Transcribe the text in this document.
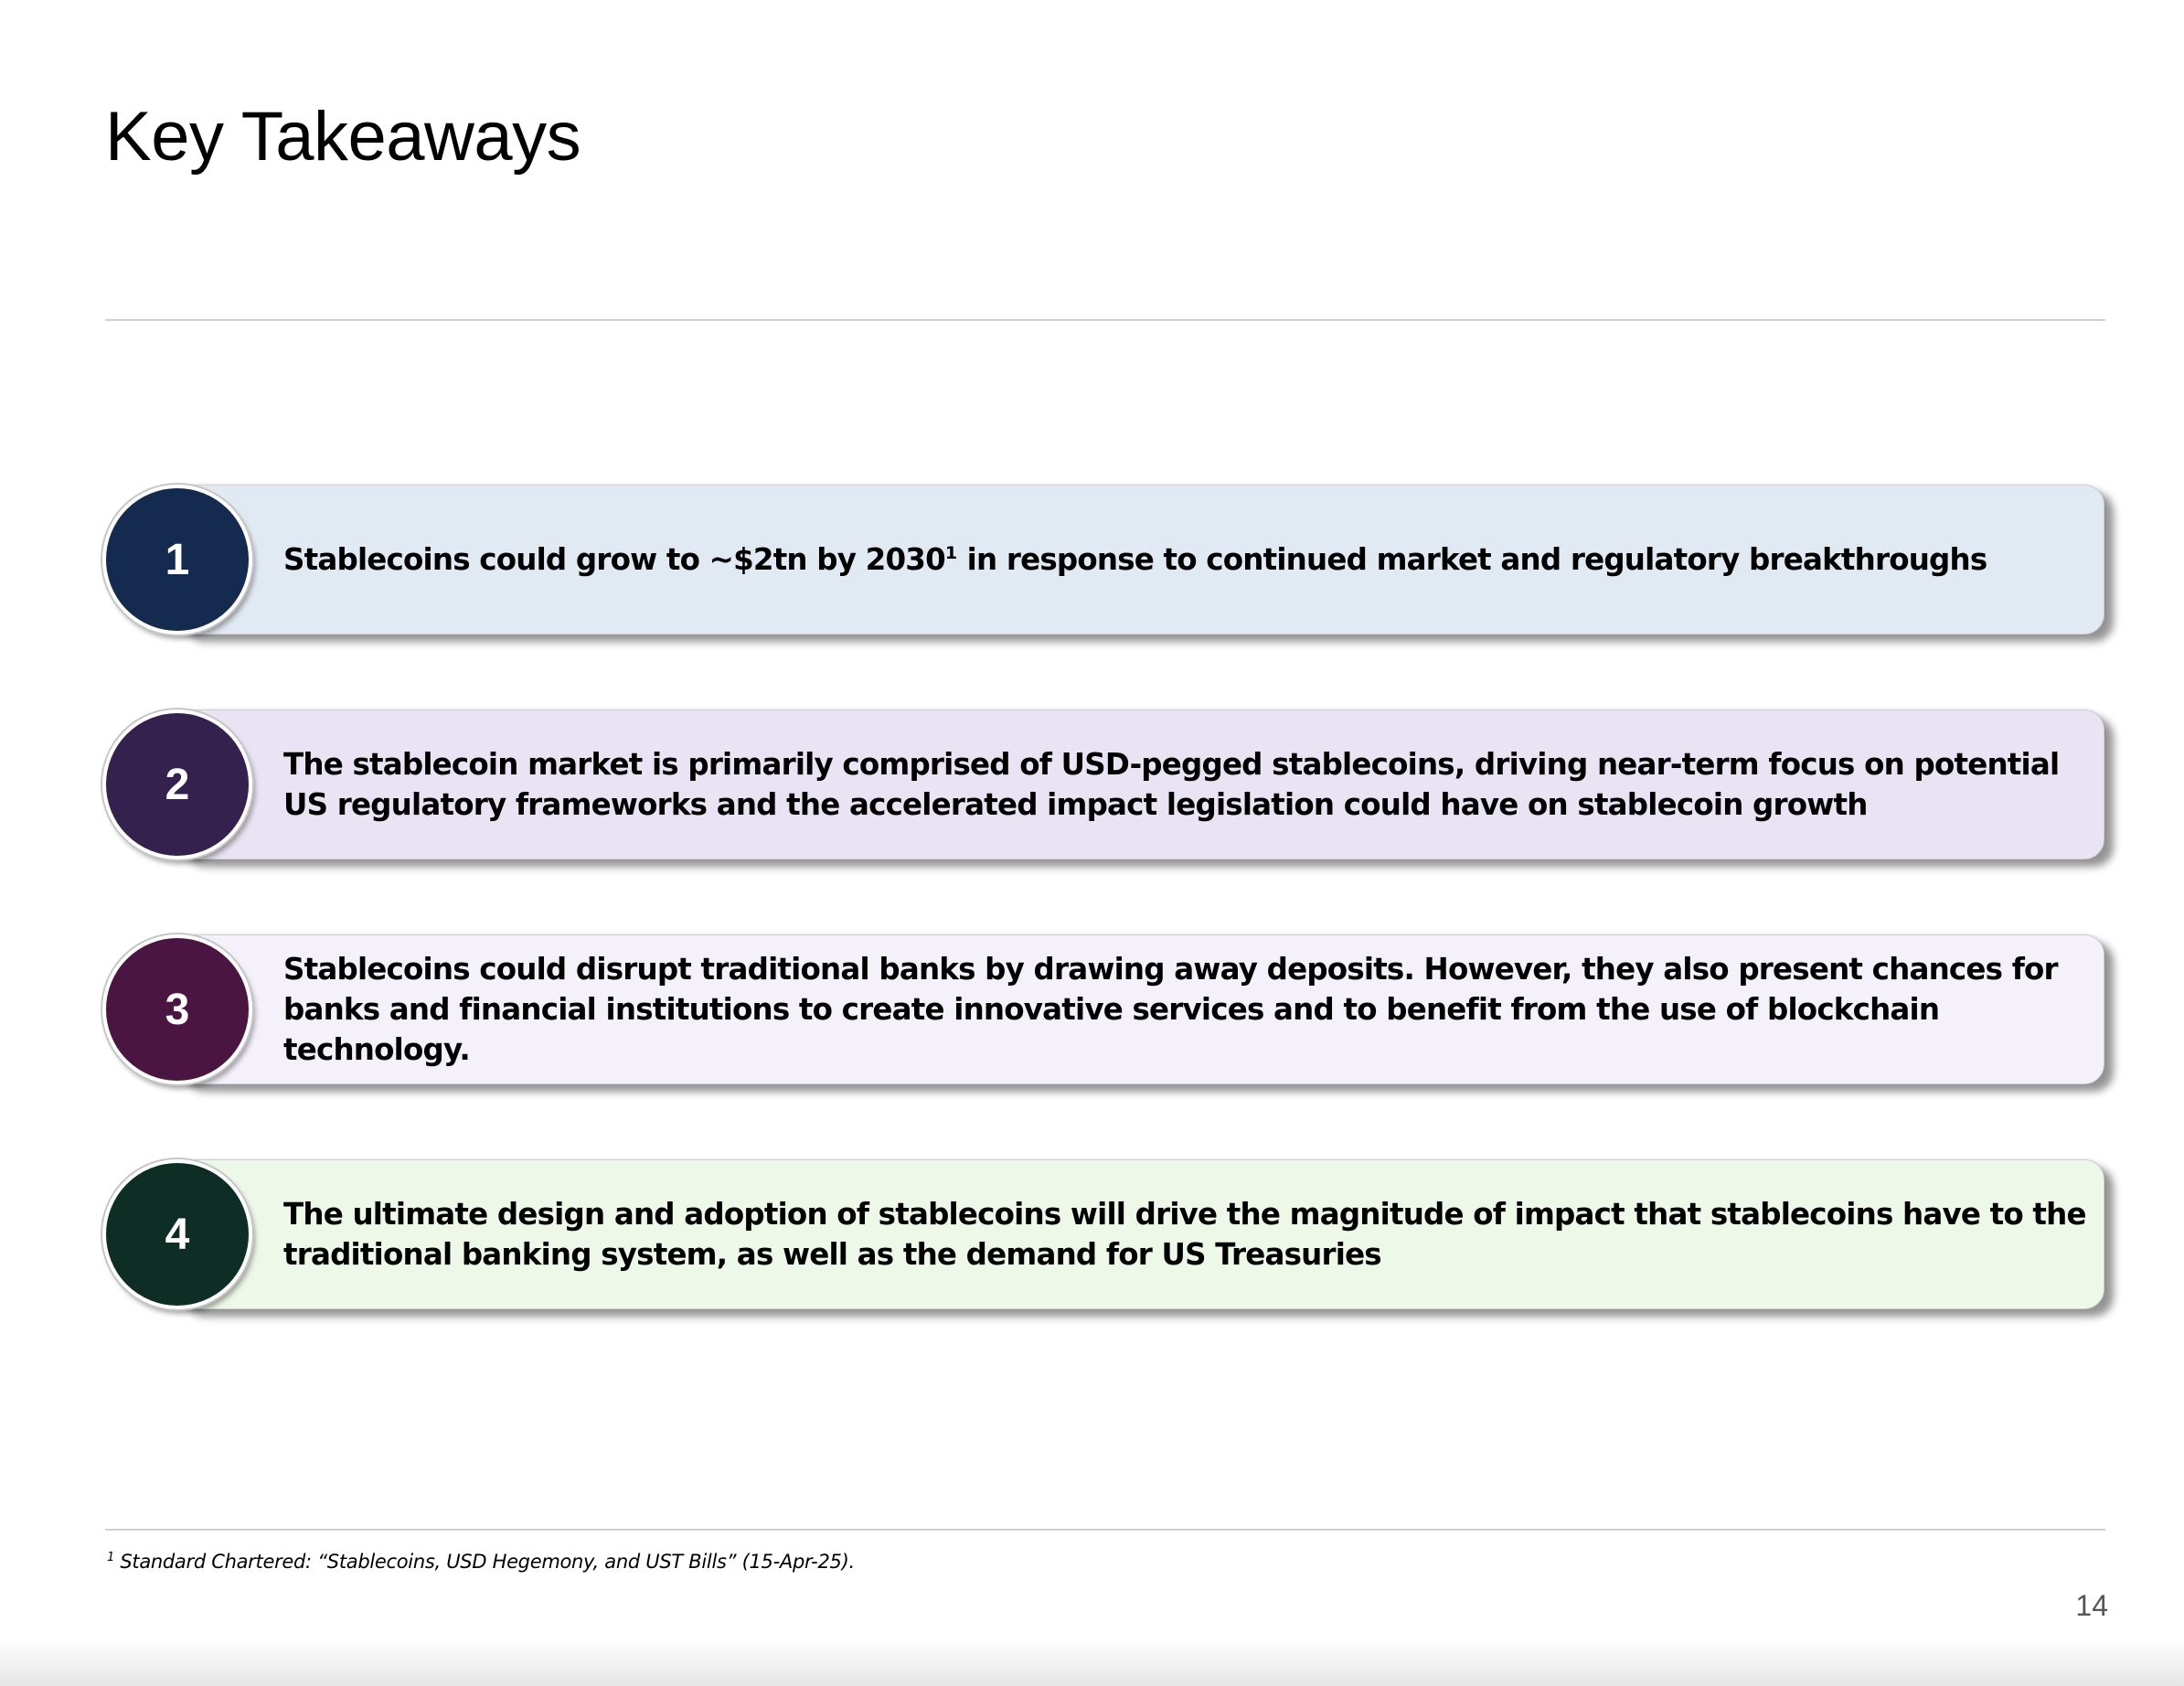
Key Takeaways

Stablecoins could grow to ~$2tn by 2030$^1$ in response to continued market and regulatory breakthroughs

1

The stablecoin market is primarily comprised of USD-pegged stablecoins, driving near-term focus on potential US regulatory frameworks and the accelerated impact legislation could have on stablecoin growth

2

Stablecoins could disrupt traditional banks by drawing away deposits. However, they also present chances for banks and financial institutions to create innovative services and to benefit from the use of blockchain technology.

3

The ultimate design and adoption of stablecoins will drive the magnitude of impact that stablecoins have to the traditional banking system, as well as the demand for US Treasuries

4
$^1$ Standard Chartered: “Stablecoins, USD Hegemony, and UST Bills” (15-Apr-25).
14
